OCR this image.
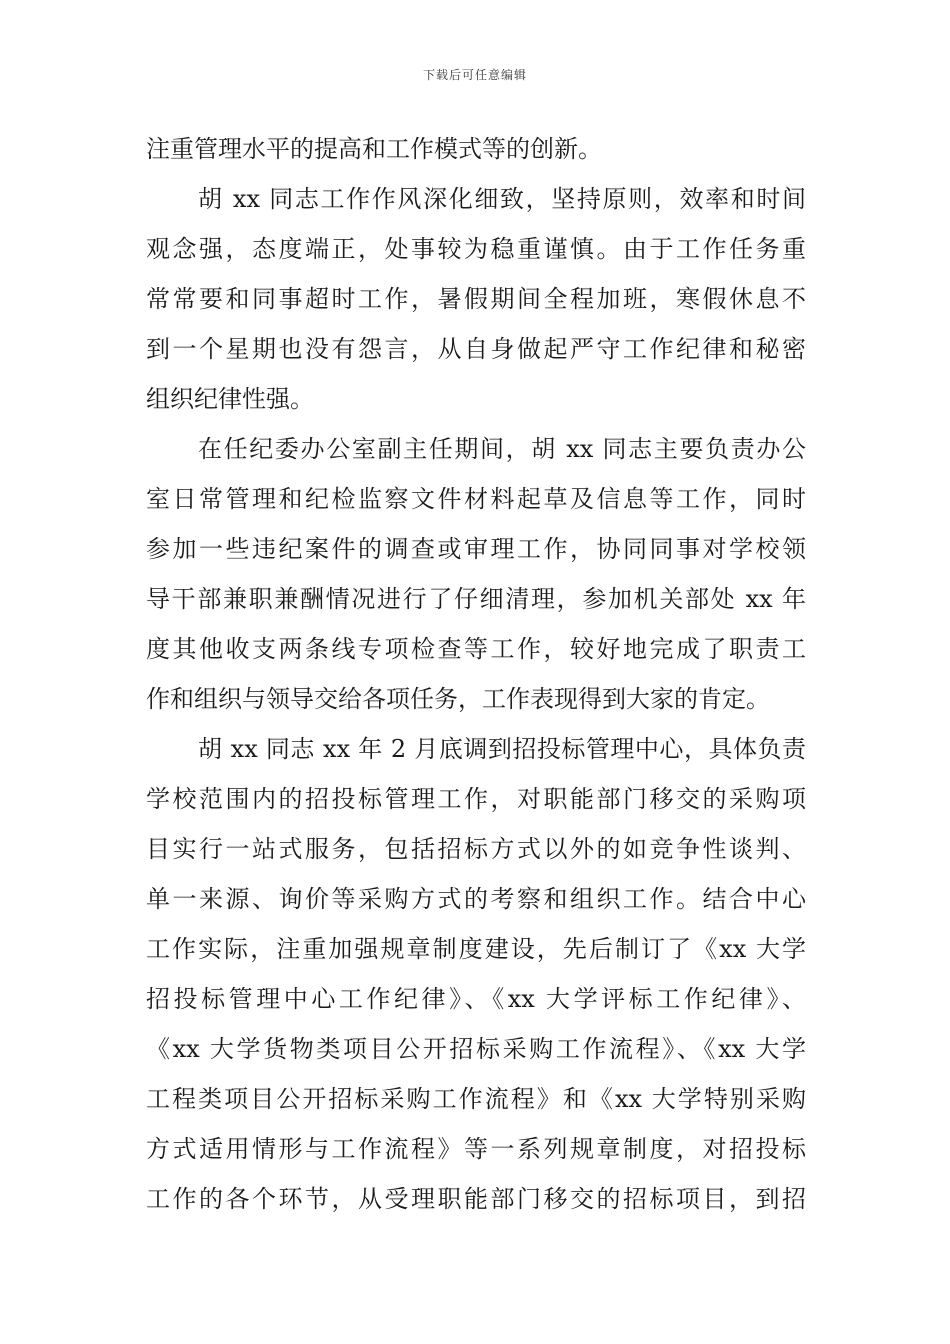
下载后可任意编辑
注重管理水平的提高和工作模式等的创新。
胡 xx 同志工作作风深化细致，坚持原则，效率和时间
观念强，态度端正，处事较为稳重谨慎。由于工作任务重
常常要和同事超时工作，暑假期间全程加班，寒假休息不
到一个星期也没有怨言，从自身做起严守工作纪律和秘密
组织纪律性强。
在任纪委办公室副主任期间，胡 xx 同志主要负责办公
室日常管理和纪检监察文件材料起草及信息等工作，同时
参加一些违纪案件的调查或审理工作，协同同事对学校领
导干部兼职兼酬情况进行了仔细清理，参加机关部处 xx 年
度其他收支两条线专项检查等工作，较好地完成了职责工
作和组织与领导交给各项任务，工作表现得到大家的肯定。
胡 xx 同志 xx 年 2 月底调到招投标管理中心，具体负责
学校范围内的招投标管理工作，对职能部门移交的采购项
目实行一站式服务，包括招标方式以外的如竞争性谈判、
单一来源、询价等采购方式的考察和组织工作。结合中心
工作实际，注重加强规章制度建设，先后制订了《xx 大学
招投标管理中心工作纪律》、《xx 大学评标工作纪律》、
《xx 大学货物类项目公开招标采购工作流程》、《xx 大学
工程类项目公开招标采购工作流程》和《xx 大学特别采购
方式适用情形与工作流程》等一系列规章制度，对招投标
工作的各个环节，从受理职能部门移交的招标项目，到招
